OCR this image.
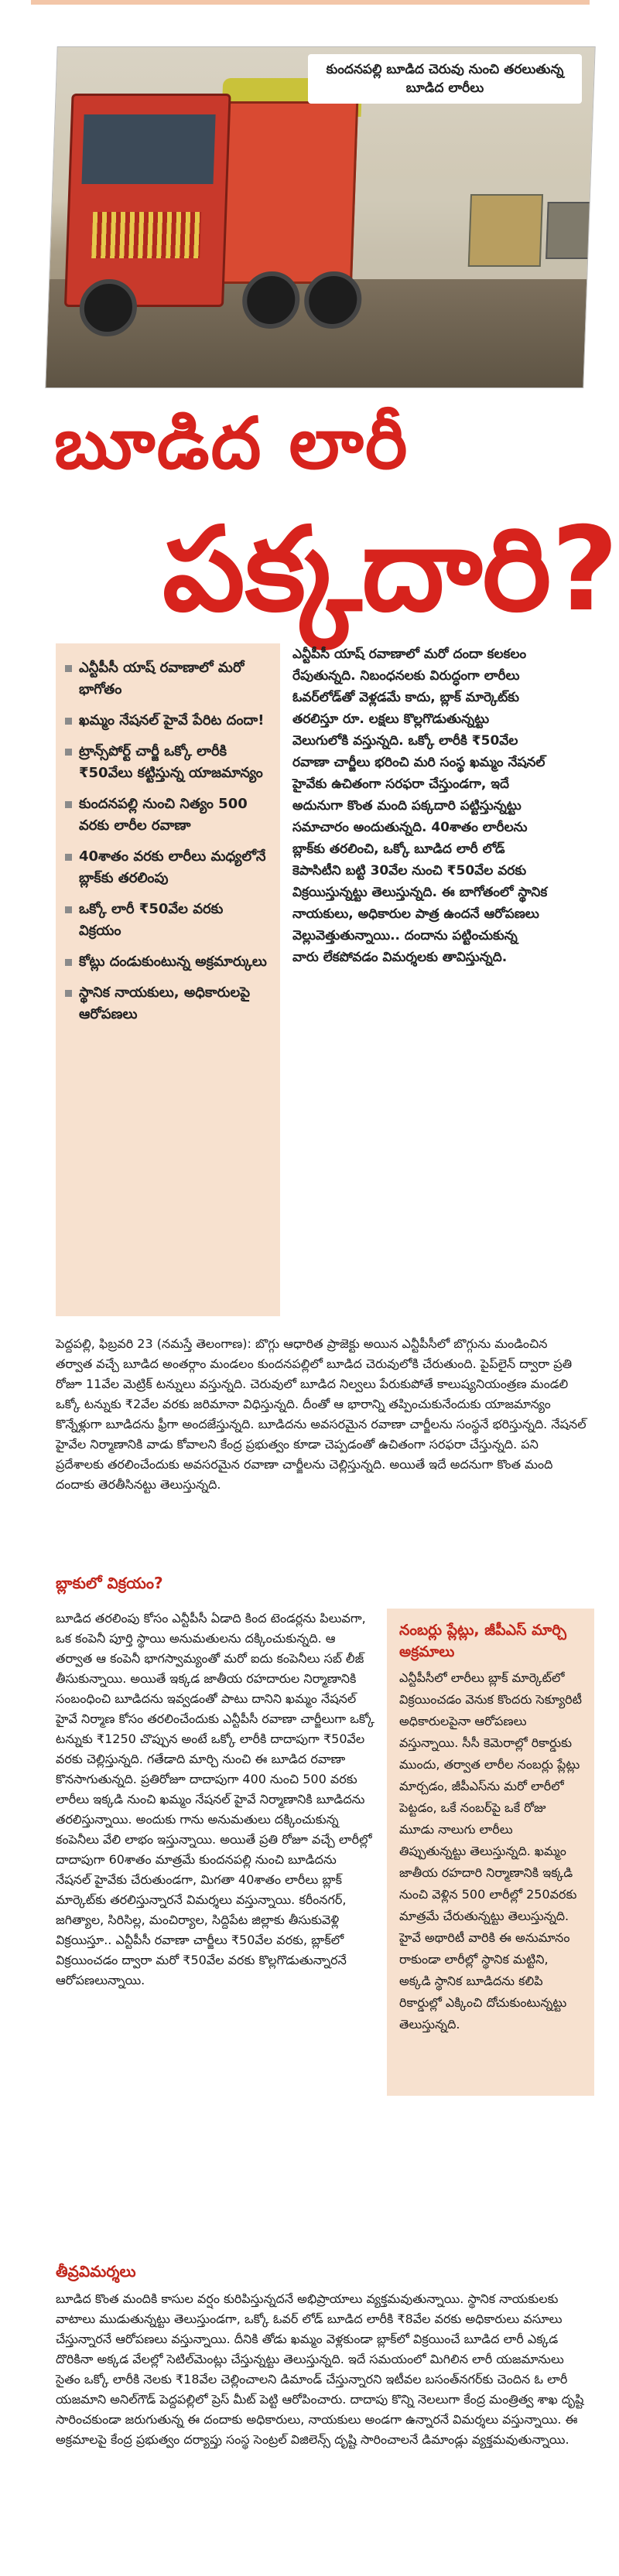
కుందనపల్లి బూడిద చెరువు నుంచి తరలుతున్న బూడిద లారీలు
బూడిద లారీ
పక్కదారి?
ఎన్టీపీసీ యాష్ రవాణాలో మరో భాగోతం
ఖమ్మం నేషనల్ హైవే పేరిట దందా!
ట్రాన్స్‌పోర్ట్ చార్జీ ఒక్కో లారీకి ₹50వేలు కట్టిస్తున్న యాజమాన్యం
కుందనపల్లి నుంచి నిత్యం 500 వరకు లారీల రవాణా
40శాతం వరకు లారీలు మధ్యలోనే బ్లాక్‌కు తరలింపు
ఒక్కో లారీ ₹50వేల వరకు విక్రయం
కోట్లు దండుకుంటున్న అక్రమార్కులు
స్థానిక నాయకులు, అధికారులపై ఆరోపణలు
ఎన్టీపీసీ యాష్ రవాణాలో మరో దందా కలకలం రేపుతున్నది. నిబంధనలకు విరుద్ధంగా లారీలు ఓవర్‌లోడ్‌తో వెళ్లడమే కాదు, బ్లాక్ మార్కెట్‌కు తరలిస్తూ రూ. లక్షలు కొల్లగొడుతున్నట్టు వెలుగులోకి వస్తున్నది. ఒక్కో లారీకి ₹50వేల రవాణా చార్జీలు భరించి మరి సంస్థ ఖమ్మం నేషనల్ హైవేకు ఉచితంగా సరఫరా చేస్తుండగా, ఇదే అదునుగా కొంత మంది పక్కదారి పట్టిస్తున్నట్టు సమాచారం అందుతున్నది. 40శాతం లారీలను బ్లాక్‌కు తరలించి, ఒక్కో బూడిద లారీ లోడ్ కెపాసిటీని బట్టి 30వేల నుంచి ₹50వేల వరకు విక్రయిస్తున్నట్టు తెలుస్తున్నది. ఈ బాగోతంలో స్థానిక నాయకులు, అధికారుల పాత్ర ఉందనే ఆరోపణలు వెల్లువెత్తుతున్నాయి.. దందాను పట్టించుకున్న వారు లేకపోవడం విమర్శలకు తావిస్తున్నది.
పెద్దపల్లి, ఫిబ్రవరి 23 (నమస్తే తెలంగాణ): బొగ్గు ఆధారిత ప్రాజెక్టు అయిన ఎన్టీపీసీలో బొగ్గును మండించిన తర్వాత వచ్చే బూడిద అంతర్గాం మండలం కుందనపల్లిలో బూడిద చెరువులోకి చేరుతుంది. పైప్‌లైన్ ద్వారా ప్రతి రోజూ 11వేల మెట్రిక్ టన్నులు వస్తున్నది. చెరువులో బూడిద నిల్వలు పేరుకుపోతే కాలుష్యనియంత్రణ మండలి ఒక్కో టన్నుకు ₹2వేల వరకు జరిమానా విధిస్తున్నది. దీంతో ఆ భారాన్ని తప్పించుకునేందుకు యాజమాన్యం కొన్నేళ్లుగా బూడిదను ఫ్రీగా అందజేస్తున్నది. బూడిదను అవసరమైన రవాణా చార్జీలను సంస్థనే భరిస్తున్నది. నేషనల్ హైవేల నిర్మాణానికి వాడు కోవాలని కేంద్ర ప్రభుత్వం కూడా చెప్పడంతో ఉచితంగా సరఫరా చేస్తున్నది. పని ప్రదేశాలకు తరలించేందుకు అవసరమైన రవాణా చార్జీలను చెల్లిస్తున్నది. అయితే ఇదే అదనుగా కొంత మంది దందాకు తెరతీసినట్టు తెలుస్తున్నది.
బ్లాకులో విక్రయం?
బూడిద తరలింపు కోసం ఎన్టీపీసీ ఏడాది కింద టెండర్లను పిలువగా, ఒక కంపెనీ పూర్తి స్థాయి అనుమతులను దక్కించుకున్నది. ఆ తర్వాత ఆ కంపెనీ భాగస్వామ్యంతో మరో ఐదు కంపెనీలు సబ్ లీజ్ తీసుకున్నాయి. అయితే ఇక్కడ జాతీయ రహదారుల నిర్మాణానికి సంబంధించి బూడిదను ఇవ్వడంతో పాటు దానిని ఖమ్మం నేషనల్ హైవే నిర్మాణ కోసం తరలించేందుకు ఎన్టీపీసీ రవాణా చార్జీలుగా ఒక్కో టన్నుకు ₹1250 చొప్పున అంటే ఒక్కో లారీకి దాదాపుగా ₹50వేల వరకు చెల్లిస్తున్నది. గతేడాది మార్చి నుంచి ఈ బూడిద రవాణా కొనసాగుతున్నది. ప్రతిరోజూ దాదాపుగా 400 నుంచి 500 వరకు లారీలు ఇక్కడి నుంచి ఖమ్మం నేషనల్ హైవే నిర్మాణానికి బూడిదను తరలిస్తున్నాయి. అందుకు గాను అనుమతులు దక్కించుకున్న కంపెనీలు వేలి లాభం ఇస్తున్నాయి. అయితే ప్రతి రోజూ వచ్చే లారీల్లో దాదాపుగా 60శాతం మాత్రమే కుందనపల్లి నుంచి బూడిదను నేషనల్ హైవేకు చేరుతుండగా, మిగతా 40శాతం లారీలు బ్లాక్ మార్కెట్‌కు తరలిస్తున్నారనే విమర్శలు వస్తున్నాయి. కరీంనగర్, జగిత్యాల, సిరిసిల్ల, మంచిర్యాల, సిద్దిపేట జిల్లాకు తీసుకువెళ్లి విక్రయిస్తూ.. ఎన్టీపీసీ రవాణా చార్జీలు ₹50వేల వరకు, బ్లాక్‌లో విక్రయించడం ద్వారా మరో ₹50వేల వరకు కొల్లగొడుతున్నారనే ఆరోపణలున్నాయి.
నంబర్లు ప్లేట్లు, జీపీఎస్ మార్చి అక్రమాలు
ఎన్టీపీసీలో లారీలు బ్లాక్ మార్కెట్‌లో విక్రయించడం వెనుక కొందరు సెక్యూరిటీ అధికారులపైనా ఆరోపణలు వస్తున్నాయి. సీసీ కెమెరాల్లో రికార్డుకు ముందు, తర్వాత లారీల నంబర్లు ప్లేట్లు మార్చడం, జీపీఎస్‌ను మరో లారీలో పెట్టడం, ఒకే నంబర్‌పై ఒకే రోజు మూడు నాలుగు లారీలు తిప్పుతున్నట్టు తెలుస్తున్నది. ఖమ్మం జాతీయ రహదారి నిర్మాణానికి ఇక్కడి నుంచి వెళ్లిన 500 లారీల్లో 250వరకు మాత్రమే చేరుతున్నట్టు తెలుస్తున్నది. హైవే అథారిటీ వారికి ఈ అనుమానం రాకుండా లారీల్లో స్థానిక మట్టిని, అక్కడి స్థానిక బూడిదను కలిపి రికార్డుల్లో ఎక్కించి దోచుకుంటున్నట్టు తెలుస్తున్నది.
తీవ్రవిమర్శలు
బూడిద కొంత మందికి కాసుల వర్షం కురిపిస్తున్నదనే అభిప్రాయాలు వ్యక్తమవుతున్నాయి. స్థానిక నాయకులకు వాటాలు ముడుతున్నట్టు తెలుస్తుండగా, ఒక్కో ఓవర్ లోడ్ బూడిద లారీకి ₹8వేల వరకు అధికారులు వసూలు చేస్తున్నారనే ఆరోపణలు వస్తున్నాయి. దీనికి తోడు ఖమ్మం వెళ్లకుండా బ్లాక్‌లో విక్రయించే బూడిద లారీ ఎక్కడ దొరికినా అక్కడ వేలల్లో సెటిల్‌మెంట్లు చేస్తున్నట్టు తెలుస్తున్నది. ఇదే సమయంలో మిగిలిన లారీ యజమానులు సైతం ఒక్కో లారీకి నెలకు ₹18వేల చెల్లించాలని డిమాండ్ చేస్తున్నారని ఇటీవల బసంత్‌నగర్‌కు చెందిన ఓ లారీ యజమాని అనిల్‌గౌడ్ పెద్దపల్లిలో ప్రెస్ మీట్ పెట్టి ఆరోపించారు. దాదాపు కొన్ని నెలలుగా కేంద్ర మంత్రిత్వ శాఖ దృష్టి సారించకుండా జరుగుతున్న ఈ దందాకు అధికారులు, నాయకులు అండగా ఉన్నారనే విమర్శలు వస్తున్నాయి. ఈ అక్రమాలపై కేంద్ర ప్రభుత్వం దర్యాప్తు సంస్థ సెంట్రల్ విజిలెన్స్ దృష్టి సారించాలనే డిమాండ్లు వ్యక్తమవుతున్నాయి.
